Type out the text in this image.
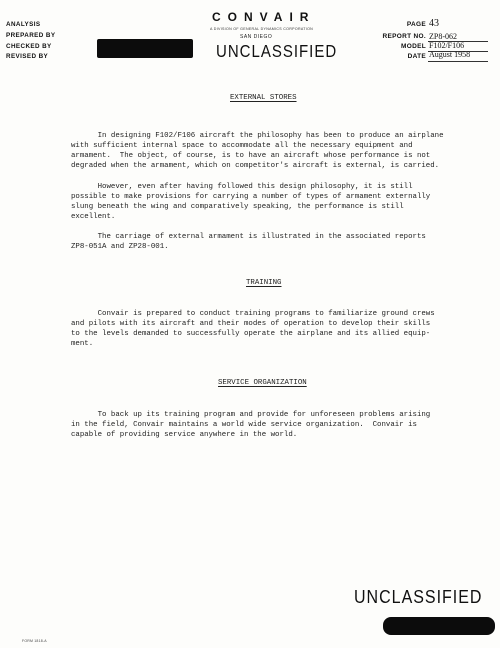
ANALYSIS
PREPARED BY
CHECKED BY
REVISED BY
CONVAIR
A DIVISION OF GENERAL DYNAMICS CORPORATION
SAN DIEGO
UNCLASSIFIED
PAGE 43
ZP8-062
REPORT NO.
MODEL F102/F106
DATE August 1958
EXTERNAL STORES
In designing F102/F106 aircraft the philosophy has been to produce an airplane
with sufficient internal space to accommodate all the necessary equipment and
armament.  The object, of course, is to have an aircraft whose performance is not
degraded when the armament, which on competitor's aircraft is external, is carried.
However, even after having followed this design philosophy, it is still
possible to make provisions for carrying a number of types of armament externally
slung beneath the wing and comparatively speaking, the performance is still
excellent.
The carriage of external armament is illustrated in the associated reports
ZP8-051A and ZP28-001.
TRAINING
Convair is prepared to conduct training programs to familiarize ground crews
and pilots with its aircraft and their modes of operation to develop their skills
to the levels demanded to successfully operate the airplane and its allied equip-
ment.
SERVICE ORGANIZATION
To back up its training program and provide for unforeseen problems arising
in the field, Convair maintains a world wide service organization.  Convair is
capable of providing service anywhere in the world.
UNCLASSIFIED
FORM 1818-A
